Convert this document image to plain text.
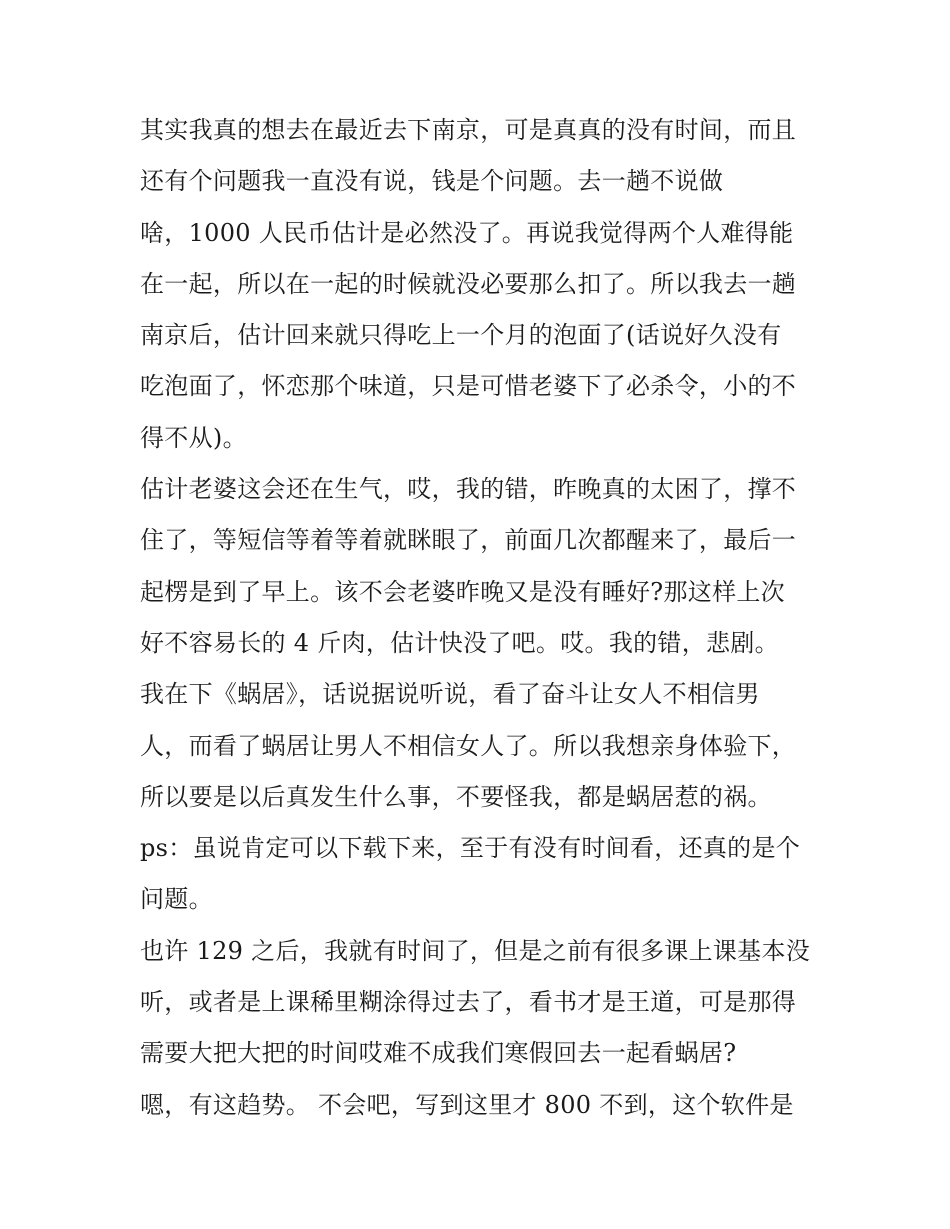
其实我真的想去在最近去下南京，可是真真的没有时间，而且
还有个问题我一直没有说，钱是个问题。去一趟不说做
啥，1000 人民币估计是必然没了。再说我觉得两个人难得能
在一起，所以在一起的时候就没必要那么扣了。所以我去一趟
南京后，估计回来就只得吃上一个月的泡面了(话说好久没有
吃泡面了，怀恋那个味道，只是可惜老婆下了必杀令，小的不
得不从)。
估计老婆这会还在生气，哎，我的错，昨晚真的太困了，撑不
住了，等短信等着等着就眯眼了，前面几次都醒来了，最后一
起楞是到了早上。该不会老婆昨晚又是没有睡好?那这样上次
好不容易长的 4 斤肉，估计快没了吧。哎。我的错，悲剧。
我在下《蜗居》，话说据说听说，看了奋斗让女人不相信男
人，而看了蜗居让男人不相信女人了。所以我想亲身体验下，
所以要是以后真发生什么事，不要怪我，都是蜗居惹的祸。
ps：虽说肯定可以下载下来，至于有没有时间看，还真的是个
问题。
也许 129 之后，我就有时间了，但是之前有很多课上课基本没
听，或者是上课稀里糊涂得过去了，看书才是王道，可是那得
需要大把大把的时间哎难不成我们寒假回去一起看蜗居?
嗯，有这趋势。 不会吧，写到这里才 800 不到，这个软件是
